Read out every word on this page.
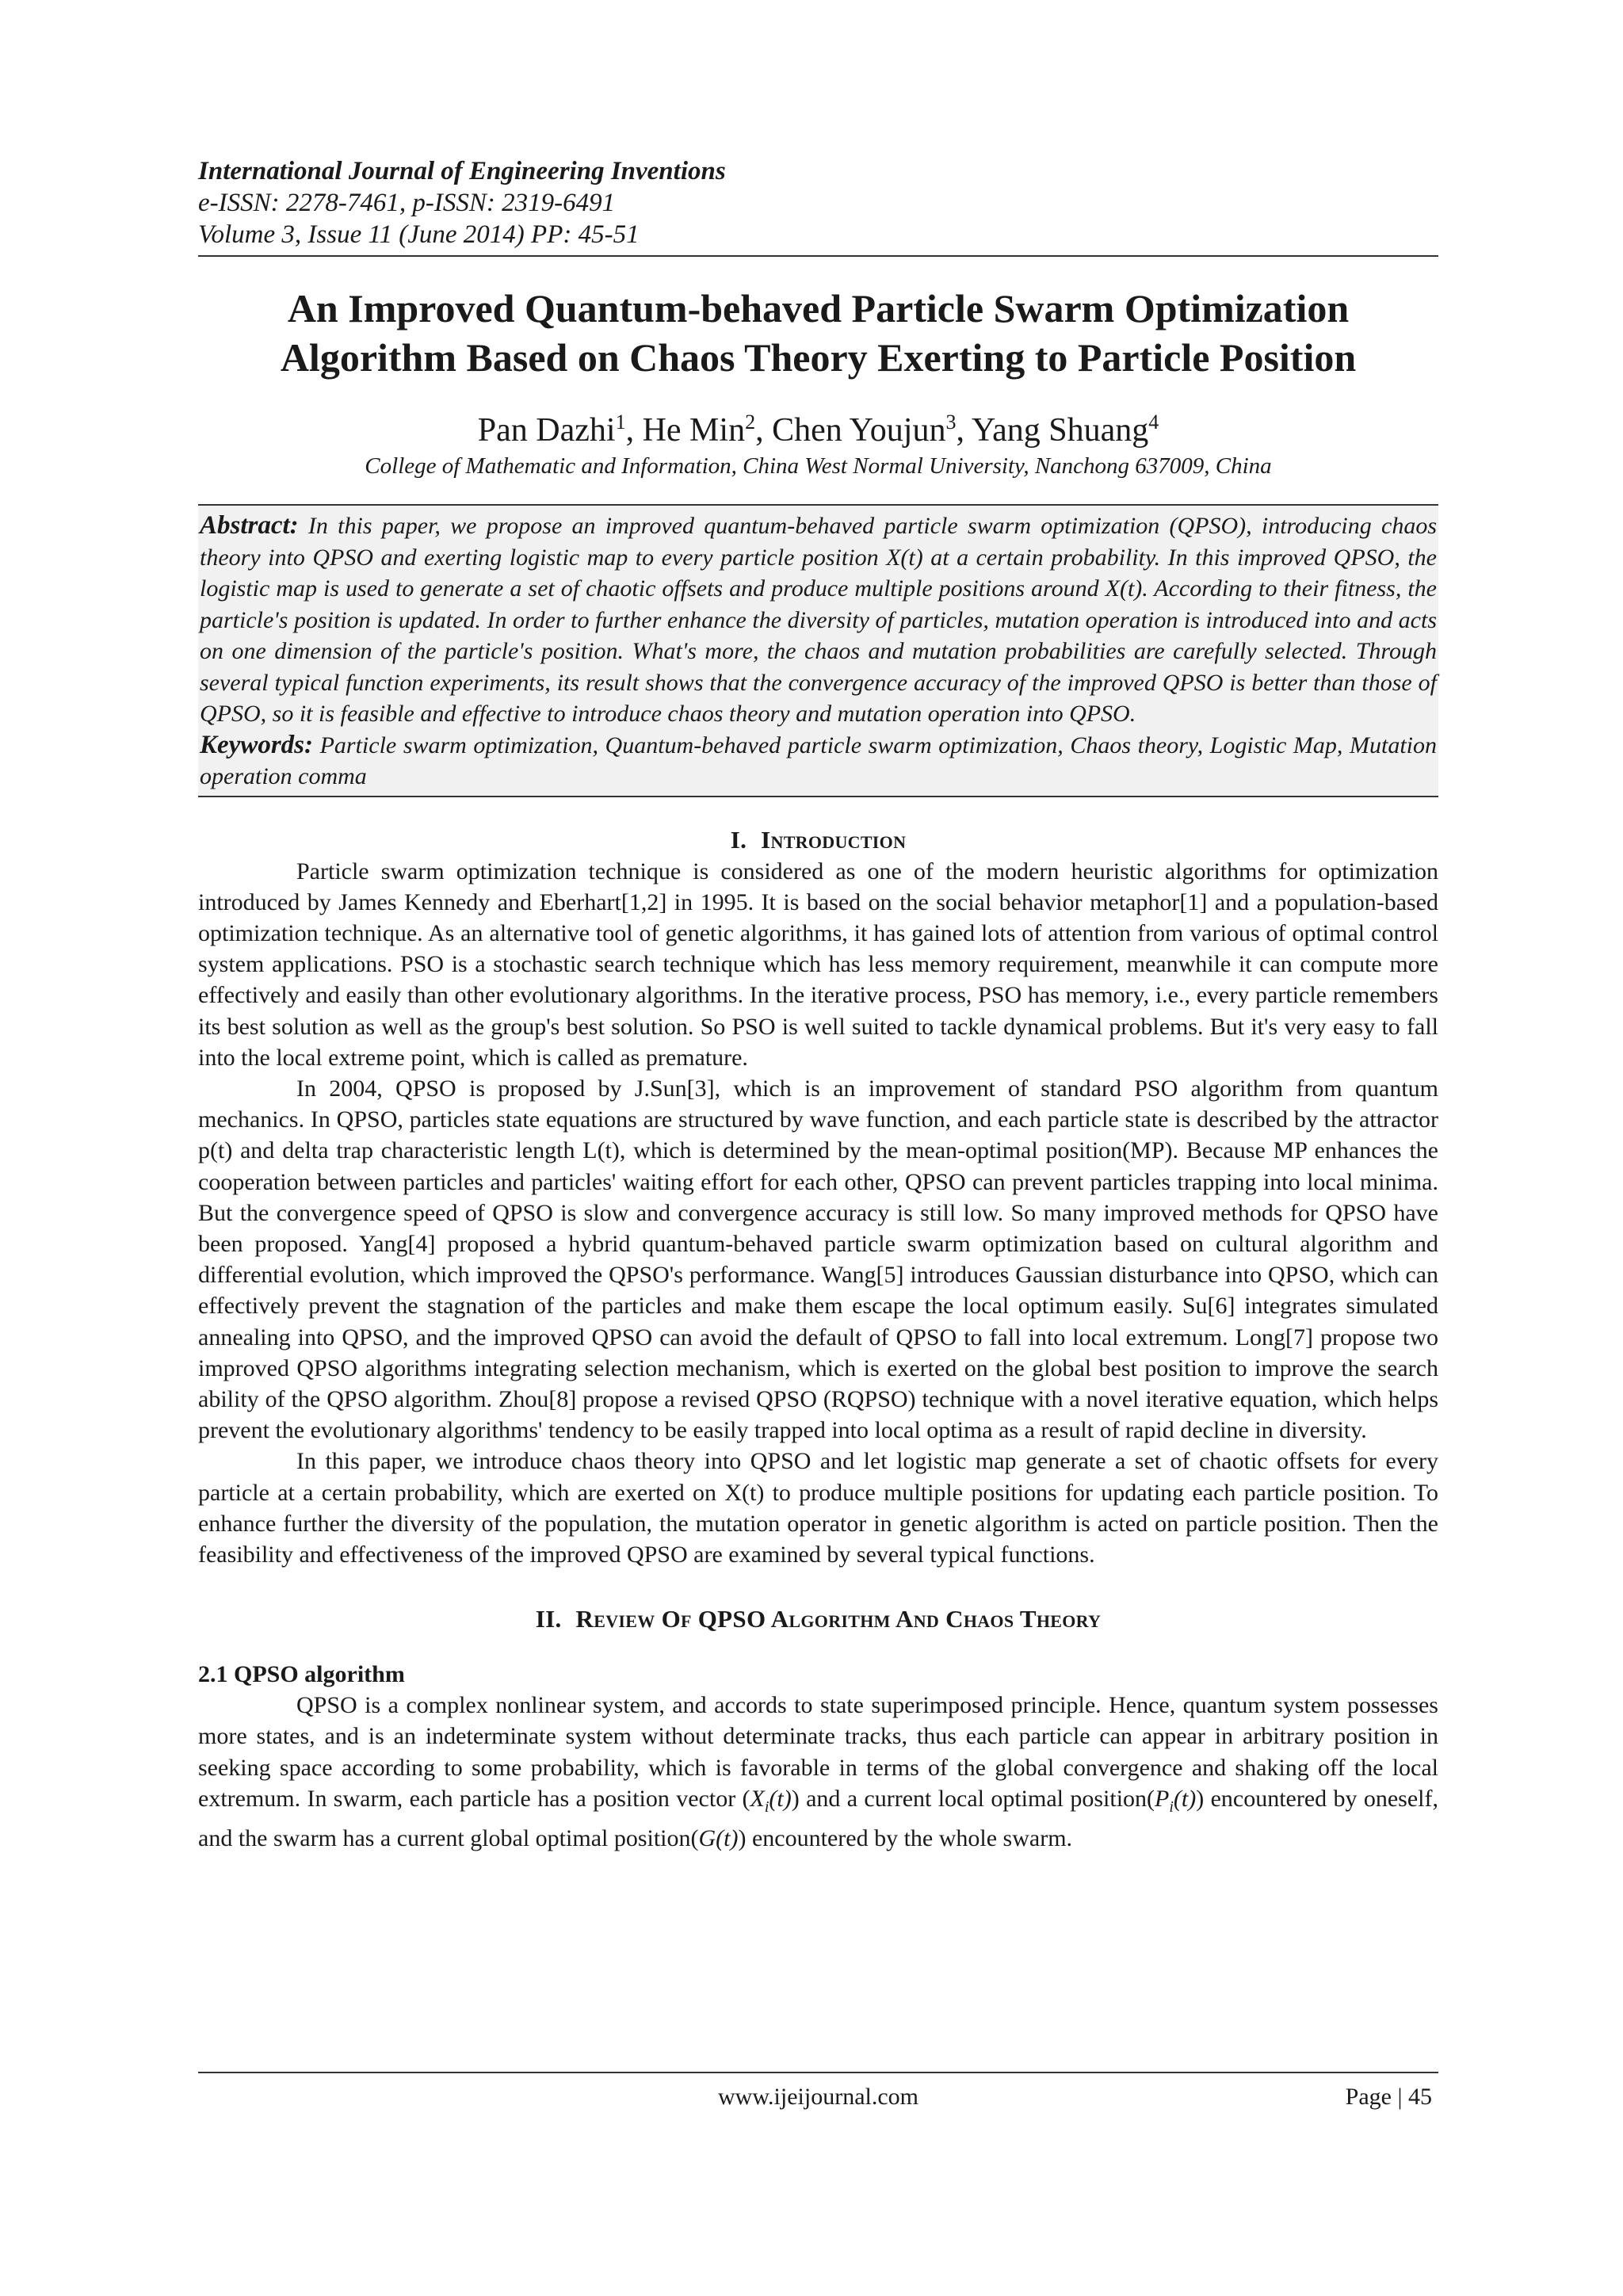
International Journal of Engineering Inventions
e-ISSN: 2278-7461, p-ISSN: 2319-6491
Volume 3, Issue 11 (June 2014) PP: 45-51
An Improved Quantum-behaved Particle Swarm Optimization
Algorithm Based on Chaos Theory Exerting to Particle Position
Pan Dazhi$^1$, He Min$^2$, Chen Youjun$^3$, Yang Shuang$^4$
College of Mathematic and Information, China West Normal University, Nanchong 637009, China
Abstract: In this paper, we propose an improved quantum-behaved particle swarm optimization (QPSO), introducing chaos theory into QPSO and exerting logistic map to every particle position X(t) at a certain probability. In this improved QPSO, the logistic map is used to generate a set of chaotic offsets and produce multiple positions around X(t). According to their fitness, the particle's position is updated. In order to further enhance the diversity of particles, mutation operation is introduced into and acts on one dimension of the particle's position. What's more, the chaos and mutation probabilities are carefully selected. Through several typical function experiments, its result shows that the convergence accuracy of the improved QPSO is better than those of QPSO, so it is feasible and effective to introduce chaos theory and mutation operation into QPSO.
Keywords: Particle swarm optimization, Quantum-behaved particle swarm optimization, Chaos theory, Logistic Map, Mutation operation comma
I. Introduction

Particle swarm optimization technique is considered as one of the modern heuristic algorithms for optimization introduced by James Kennedy and Eberhart[1,2] in 1995. It is based on the social behavior metaphor[1] and a population-based optimization technique. As an alternative tool of genetic algorithms, it has gained lots of attention from various of optimal control system applications. PSO is a stochastic search technique which has less memory requirement, meanwhile it can compute more effectively and easily than other evolutionary algorithms. In the iterative process, PSO has memory, i.e., every particle remembers its best solution as well as the group's best solution. So PSO is well suited to tackle dynamical problems. But it's very easy to fall into the local extreme point, which is called as premature.

In 2004, QPSO is proposed by J.Sun[3], which is an improvement of standard PSO algorithm from quantum mechanics. In QPSO, particles state equations are structured by wave function, and each particle state is described by the attractor p(t) and delta trap characteristic length L(t), which is determined by the mean-optimal position(MP). Because MP enhances the cooperation between particles and particles' waiting effort for each other, QPSO can prevent particles trapping into local minima. But the convergence speed of QPSO is slow and convergence accuracy is still low. So many improved methods for QPSO have been proposed. Yang[4] proposed a hybrid quantum-behaved particle swarm optimization based on cultural algorithm and differential evolution, which improved the QPSO's performance. Wang[5] introduces Gaussian disturbance into QPSO, which can effectively prevent the stagnation of the particles and make them escape the local optimum easily. Su[6] integrates simulated annealing into QPSO, and the improved QPSO can avoid the default of QPSO to fall into local extremum. Long[7] propose two improved QPSO algorithms integrating selection mechanism, which is exerted on the global best position to improve the search ability of the QPSO algorithm. Zhou[8] propose a revised QPSO (RQPSO) technique with a novel iterative equation, which helps prevent the evolutionary algorithms' tendency to be easily trapped into local optima as a result of rapid decline in diversity.

In this paper, we introduce chaos theory into QPSO and let logistic map generate a set of chaotic offsets for every particle at a certain probability, which are exerted on X(t) to produce multiple positions for updating each particle position. To enhance further the diversity of the population, the mutation operator in genetic algorithm is acted on particle position. Then the feasibility and effectiveness of the improved QPSO are examined by several typical functions.

II. Review Of QPSO Algorithm And Chaos Theory
2.1 QPSO algorithm

QPSO is a complex nonlinear system, and accords to state superimposed principle. Hence, quantum system possesses more states, and is an indeterminate system without determinate tracks, thus each particle can appear in arbitrary position in seeking space according to some probability, which is favorable in terms of the global convergence and shaking off the local extremum. In swarm, each particle has a position vector $(X_i(t))$ and a current local optimal $position(P_i(t))$ encountered by oneself, and the swarm has a current global optimal position(G(t)) encountered by the whole swarm.

www.ijeijournal.com	Page | 45
